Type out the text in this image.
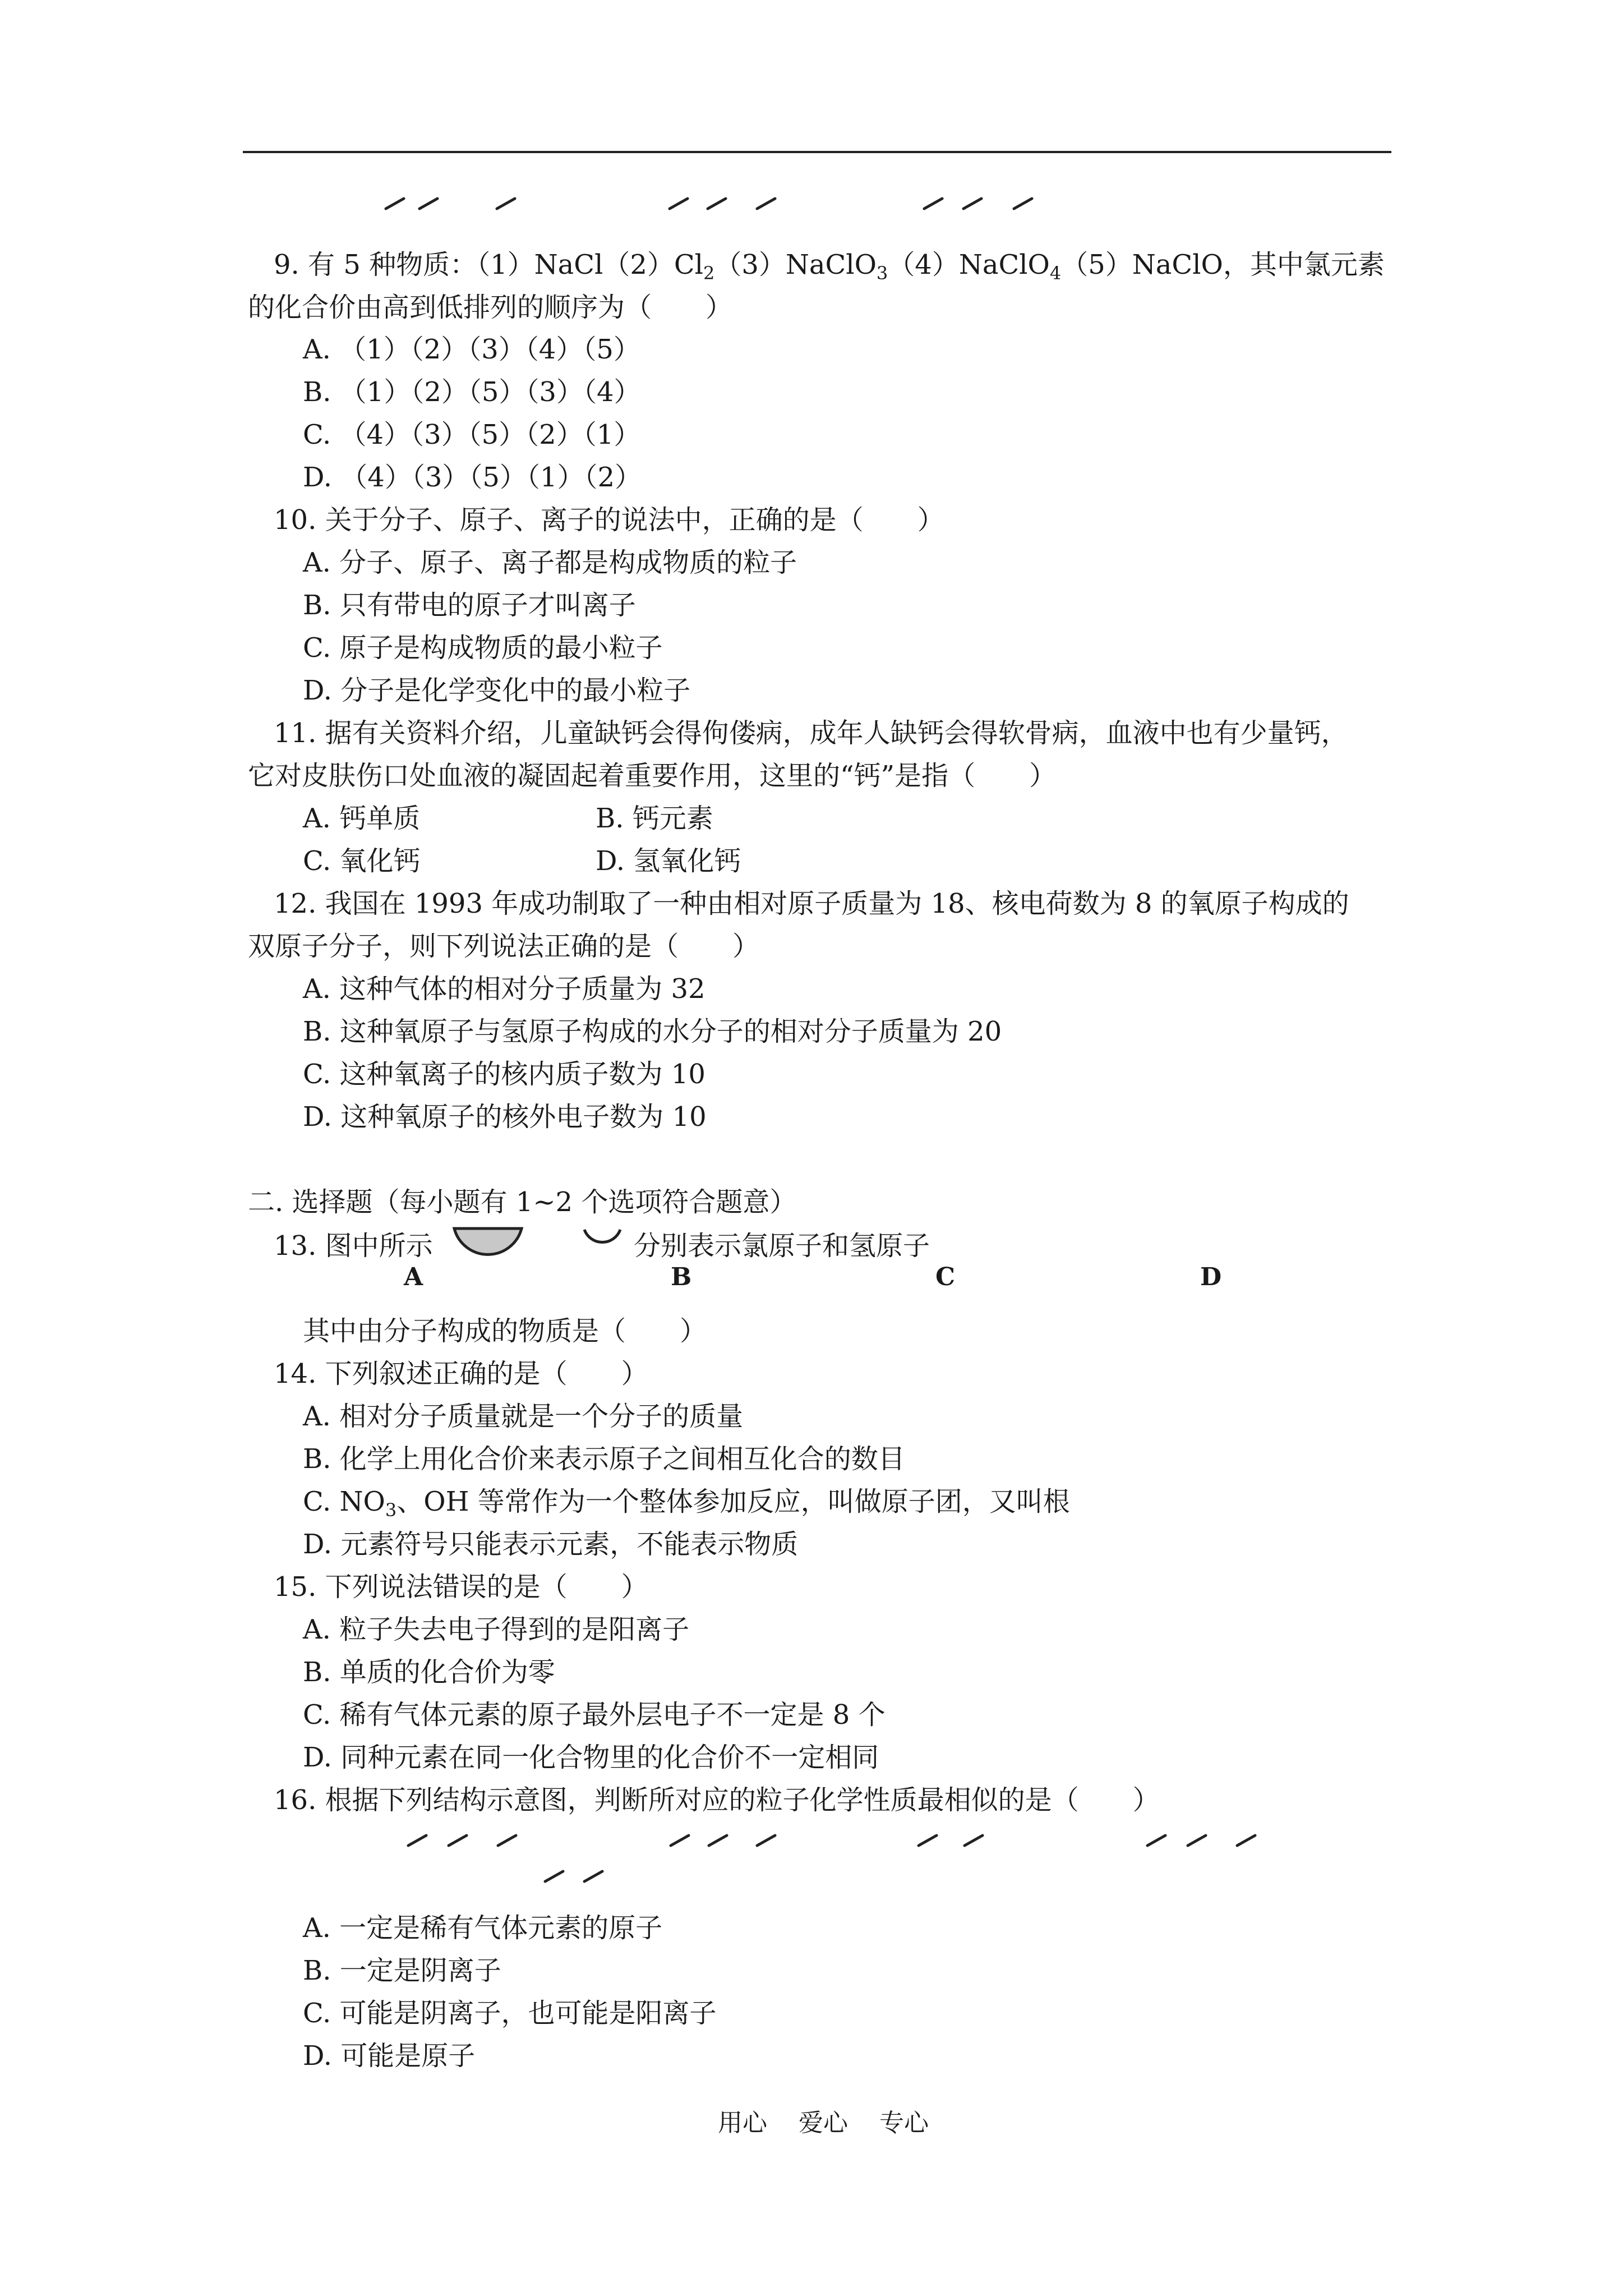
9. 有 5 种物质：$(1)NaCl(2)Cl_2(3)NaClO_3(4)NaClO_4(5)NaClO$，其中氯元素
的化合价由高到低排列的顺序为（　　）
A. （1）（2）（3）（4）（5）
B. （1）（2）（5）（3）（4）
C. （4）（3）（5）（2）（1）
D. （4）（3）（5）（1）（2）
10. 关于分子、原子、离子的说法中，正确的是（　　）
A. 分子、原子、离子都是构成物质的粒子
B. 只有带电的原子才叫离子
C. 原子是构成物质的最小粒子
D. 分子是化学变化中的最小粒子
11. 据有关资料介绍，儿童缺钙会得佝偻病，成年人缺钙会得软骨病，血液中也有少量钙，
它对皮肤伤口处血液的凝固起着重要作用，这里的“钙”是指（　　）
A. 钙单质	B. 钙元素
C. 氧化钙	D. 氢氧化钙
12. 我国在 1993 年成功制取了一种由相对原子质量为 18、核电荷数为 8 的氧原子构成的
双原子分子，则下列说法正确的是（　　）
A. 这种气体的相对分子质量为 32
B. 这种氧原子与氢原子构成的水分子的相对分子质量为 20
C. 这种氧离子的核内质子数为 10
D. 这种氧原子的核外电子数为 10
二. 选择题（每小题有 1~2 个选项符合题意）
13. 图中所示	分别表示氯原子和氢原子
A	B	C	D
其中由分子构成的物质是（　　）
14. 下列叙述正确的是（　　）
A. 相对分子质量就是一个分子的质量
B. 化学上用化合价来表示原子之间相互化合的数目
C. $NO_3$、OH 等常作为一个整体参加反应，叫做原子团，又叫根
D. 元素符号只能表示元素，不能表示物质
15. 下列说法错误的是（　　）
A. 粒子失去电子得到的是阳离子
B. 单质的化合价为零
C. 稀有气体元素的原子最外层电子不一定是 8 个
D. 同种元素在同一化合物里的化合价不一定相同
16. 根据下列结构示意图，判断所对应的粒子化学性质最相似的是（　　）
A. 一定是稀有气体元素的原子
B. 一定是阴离子
C. 可能是阴离子，也可能是阳离子
D. 可能是原子
用心 爱心 专心
